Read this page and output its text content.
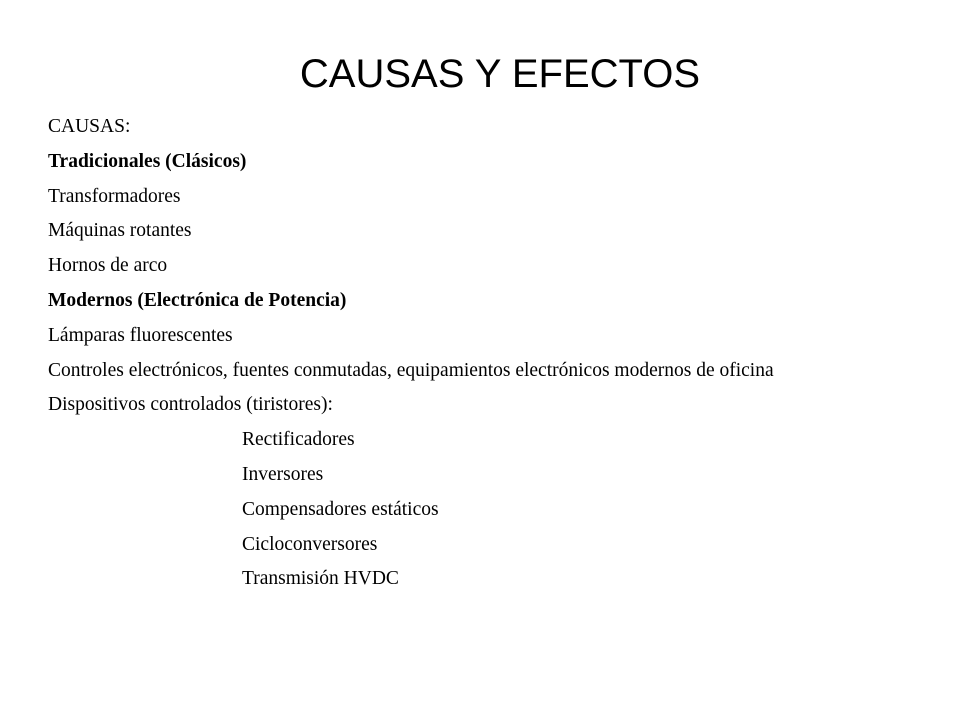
CAUSAS Y EFECTOS
CAUSAS:
Tradicionales (Clásicos)
Transformadores
Máquinas rotantes
Hornos de arco
Modernos (Electrónica de Potencia)
Lámparas fluorescentes
Controles electrónicos, fuentes conmutadas, equipamientos electrónicos modernos de oficina
Dispositivos controlados (tiristores):
Rectificadores
Inversores
Compensadores estáticos
Cicloconversores
Transmisión HVDC
